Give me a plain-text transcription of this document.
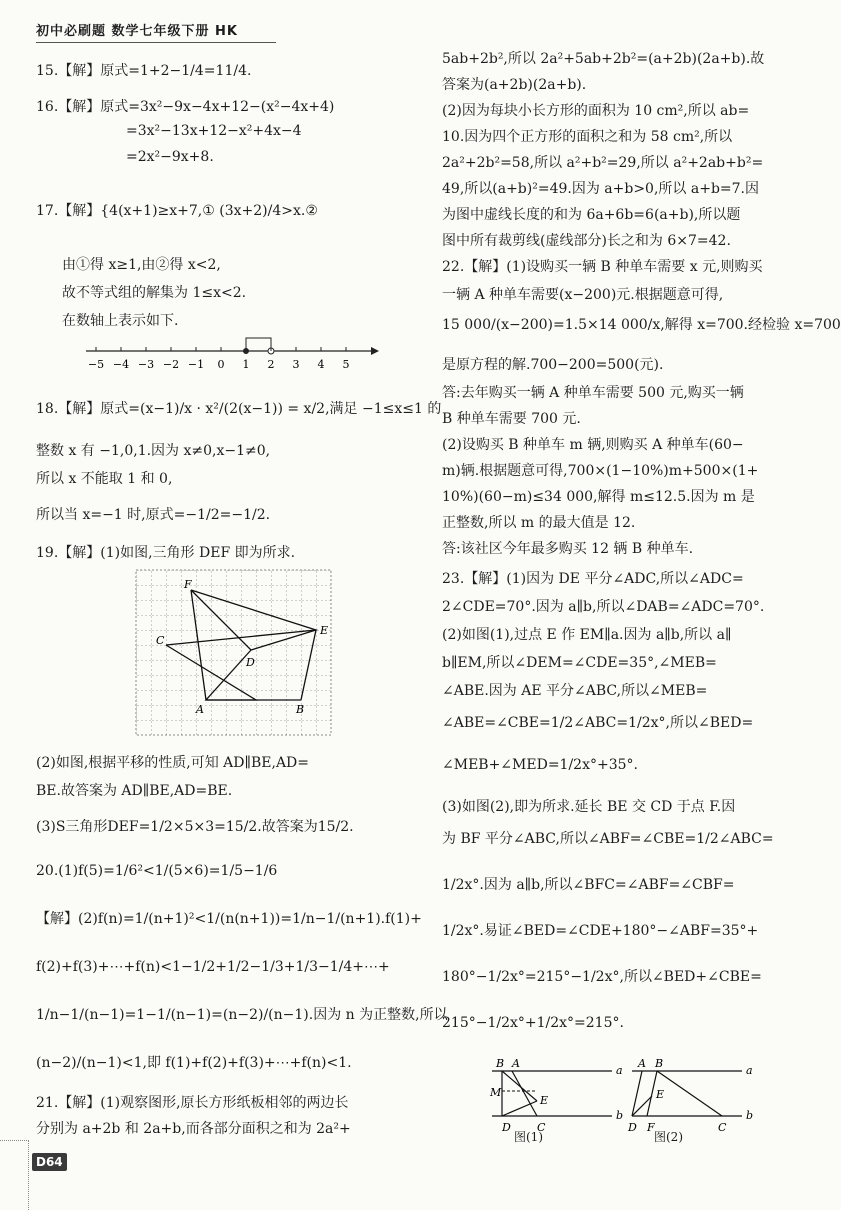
初中必刷题 数学七年级下册 HK
15.【解】原式=1+2−1/4=11/4.
16.【解】原式=3x²−9x−4x+12−(x²−4x+4)
=3x²−13x+12−x²+4x−4
=2x²−9x+8.
17.【解】{4(x+1)≥x+7,① (3x+2)/4>x.②
由①得 x≥1,由②得 x<2,
故不等式组的解集为 1≤x<2.
在数轴上表示如下.
−5 −4 −3 −2 −1 0 1 2 3 4 5
18.【解】原式=(x−1)/x · x²/(2(x−1)) = x/2,满足 −1≤x≤1 的
整数 x 有 −1,0,1.因为 x≠0,x−1≠0,
所以 x 不能取 1 和 0,
所以当 x=−1 时,原式=−1/2=−1/2.
19.【解】(1)如图,三角形 DEF 即为所求.
F
C
D
E
A	B
(2)如图,根据平移的性质,可知 AD∥BE,AD=
BE.故答案为 AD∥BE,AD=BE.
(3)S三角形DEF=1/2×5×3=15/2.故答案为15/2.
20.(1)f(5)=1/6²<1/(5×6)=1/5−1/6
【解】(2)f(n)=1/(n+1)²<1/(n(n+1))=1/n−1/(n+1).f(1)+
f(2)+f(3)+⋯+f(n)<1−1/2+1/2−1/3+1/3−1/4+⋯+
1/n−1/(n−1)=1−1/(n−1)=(n−2)/(n−1).因为 n 为正整数,所以
(n−2)/(n−1)<1,即 f(1)+f(2)+f(3)+⋯+f(n)<1.
21.【解】(1)观察图形,原长方形纸板相邻的两边长
分别为 a+2b 和 2a+b,而各部分面积之和为 2a²+
5ab+2b²,所以 2a²+5ab+2b²=(a+2b)(2a+b).故
答案为(a+2b)(2a+b).
(2)因为每块小长方形的面积为 10 cm²,所以 ab=
10.因为四个正方形的面积之和为 58 cm²,所以
2a²+2b²=58,所以 a²+b²=29,所以 a²+2ab+b²=
49,所以(a+b)²=49.因为 a+b>0,所以 a+b=7.因
为图中虚线长度的和为 6a+6b=6(a+b),所以题
图中所有裁剪线(虚线部分)长之和为 6×7=42.
22.【解】(1)设购买一辆 B 种单车需要 x 元,则购买
一辆 A 种单车需要(x−200)元.根据题意可得,
15 000/(x−200)=1.5×14 000/x,解得 x=700.经检验 x=700
是原方程的解.700−200=500(元).
答:去年购买一辆 A 种单车需要 500 元,购买一辆
B 种单车需要 700 元.
(2)设购买 B 种单车 m 辆,则购买 A 种单车(60−
m)辆.根据题意可得,700×(1−10%)m+500×(1+
10%)(60−m)≤34 000,解得 m≤12.5.因为 m 是
正整数,所以 m 的最大值是 12.
答:该社区今年最多购买 12 辆 B 种单车.
23.【解】(1)因为 DE 平分∠ADC,所以∠ADC=
2∠CDE=70°.因为 a∥b,所以∠DAB=∠ADC=70°.
(2)如图(1),过点 E 作 EM∥a.因为 a∥b,所以 a∥
b∥EM,所以∠DEM=∠CDE=35°,∠MEB=
∠ABE.因为 AE 平分∠ABC,所以∠MEB=
∠ABE=∠CBE=1/2∠ABC=1/2x°,所以∠BED=
∠MEB+∠MED=1/2x°+35°.
(3)如图(2),即为所求.延长 BE 交 CD 于点 F.因
为 BF 平分∠ABC,所以∠ABF=∠CBE=1/2∠ABC=
1/2x°.因为 a∥b,所以∠BFC=∠ABF=∠CBF=
1/2x°.易证∠BED=∠CDE+180°−∠ABF=35°+
180°−1/2x°=215°−1/2x°,所以∠BED+∠CBE=
215°−1/2x°+1/2x°=215°.
B A
a
b
M
E
D C
A B
a
b
E
D F	C
图(1)	图(2)
D64
